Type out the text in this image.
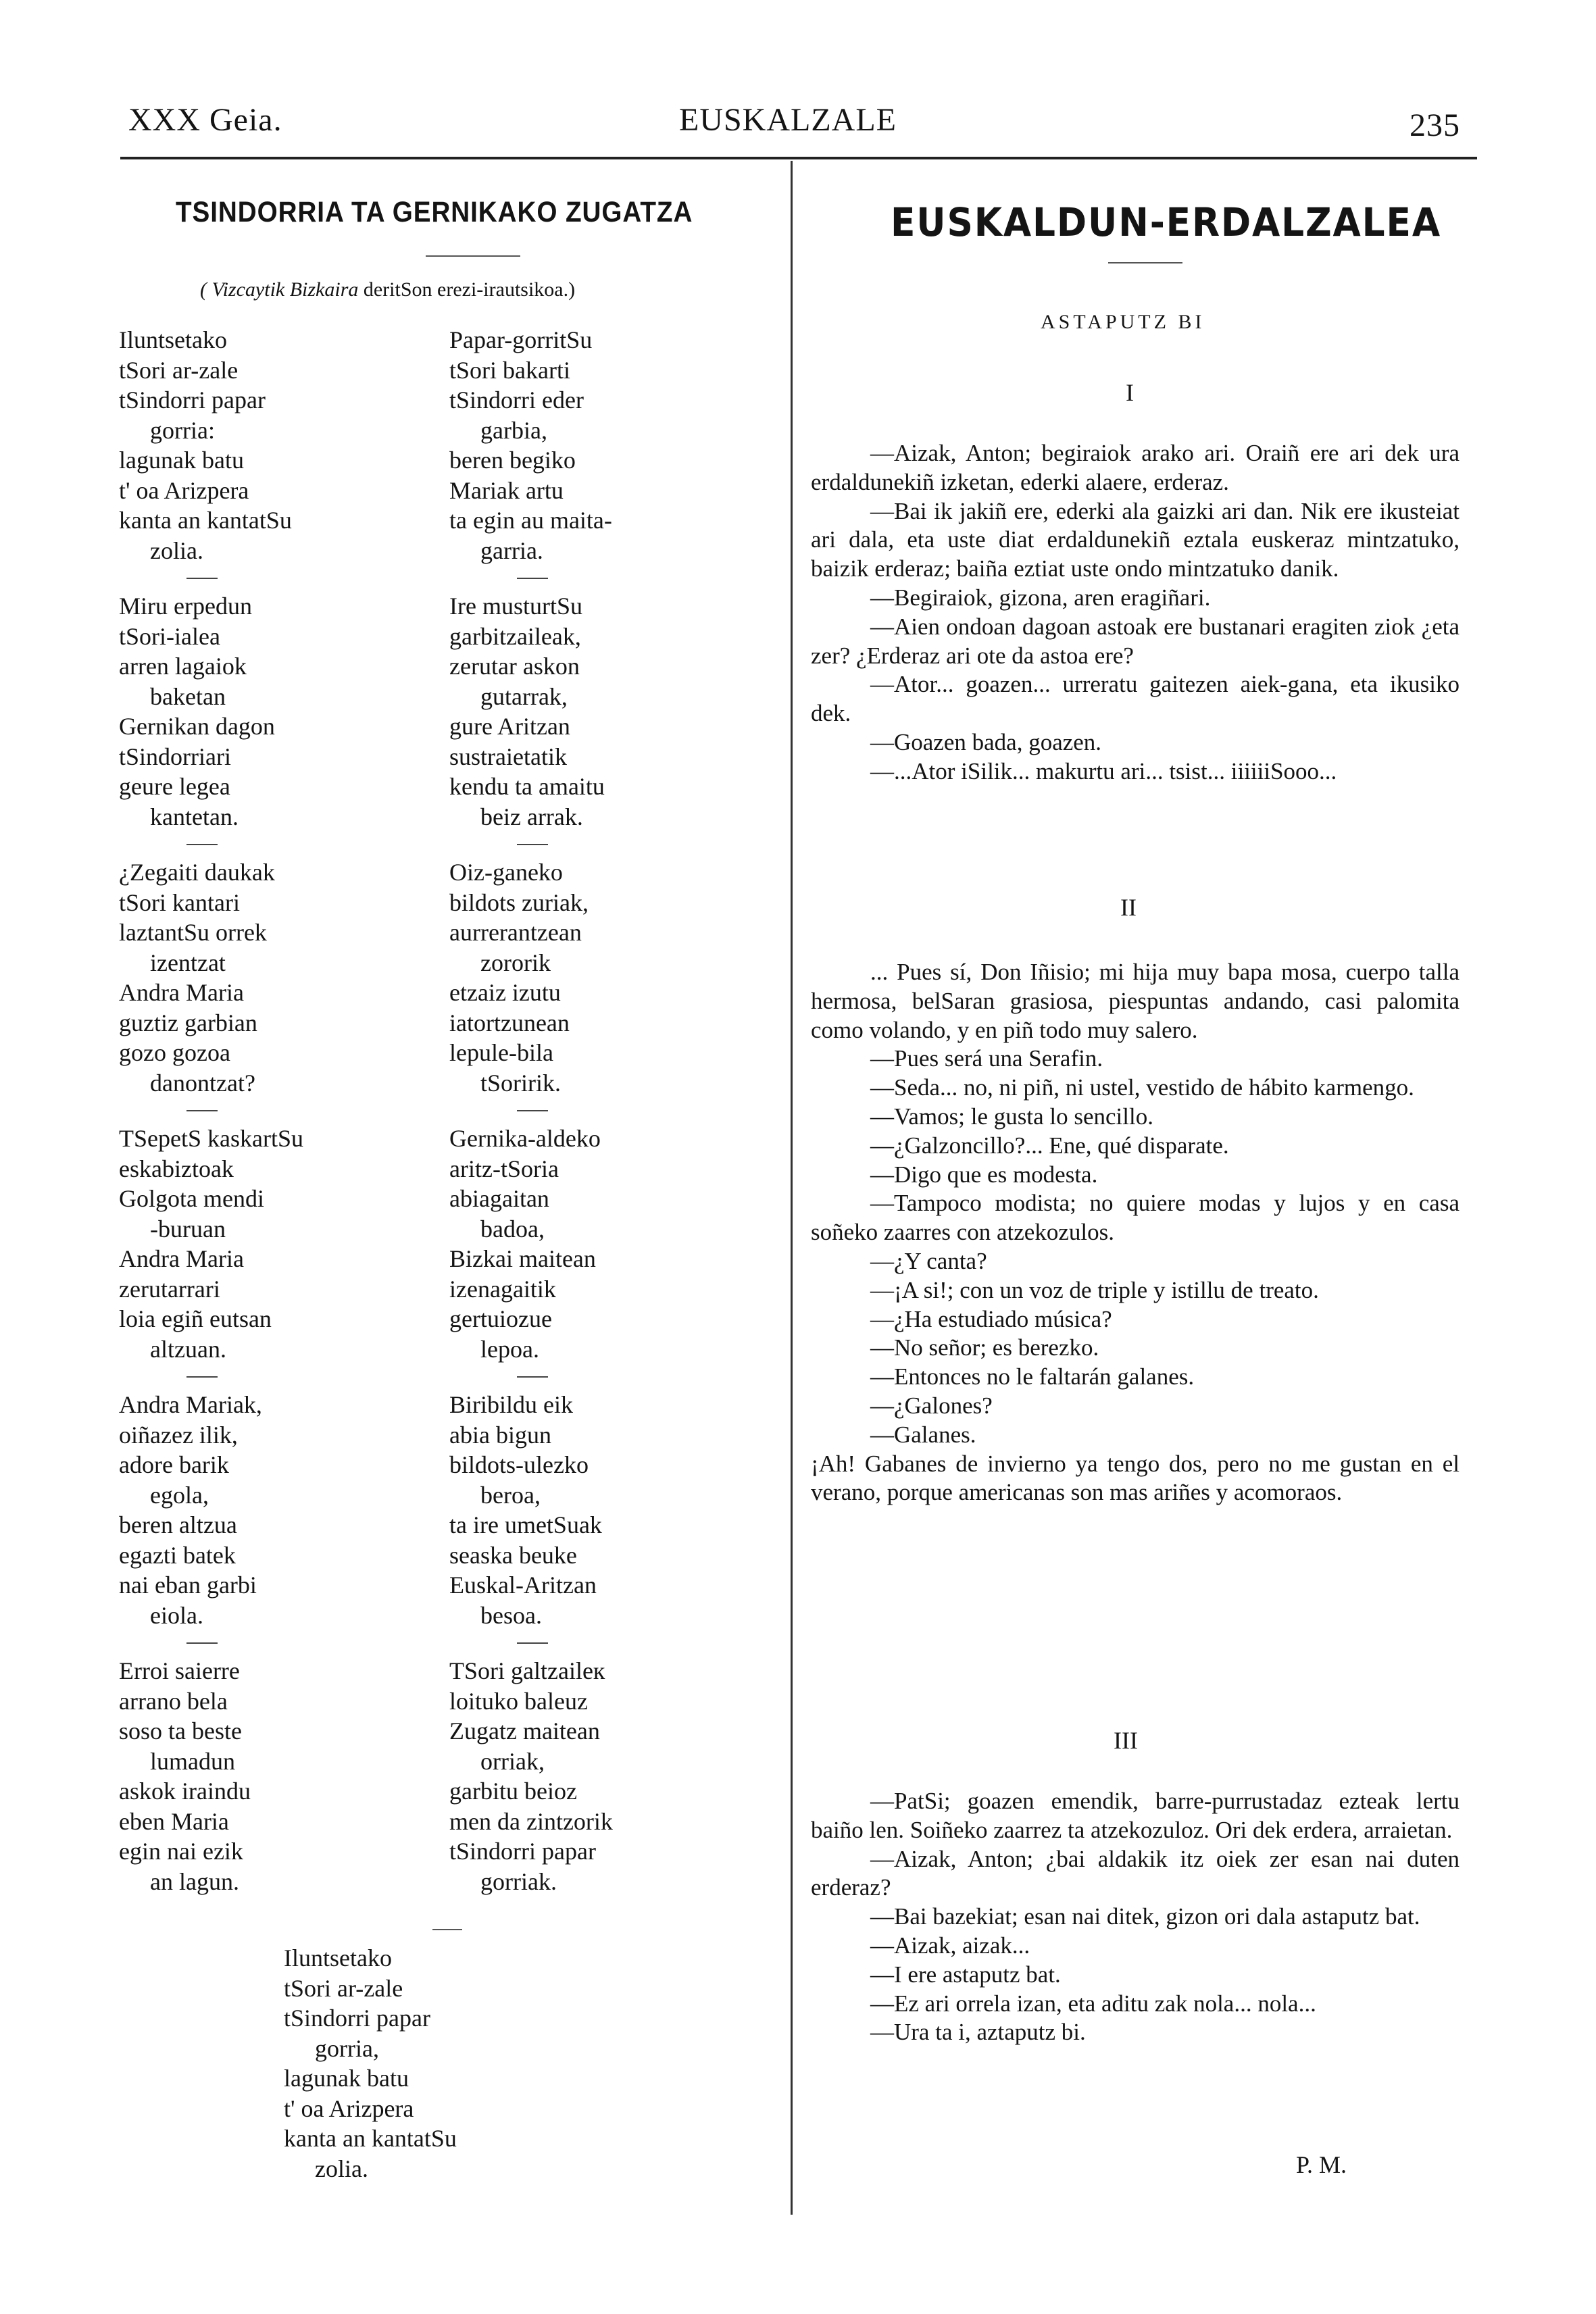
XXX Geia.	EUSKALZALE	235
TSINDORRIA TA GERNIKAKO ZUGATZA
( Vizcaytik Bizkaira deritSon erezi-irautsikoa.)
Iluntsetako
tSori ar-zale
tSindorri papar
gorria:
lagunak batu
t' oa Arizpera
kanta an kantatSu
zolia.
Miru erpedun
tSori-ialea
arren lagaiok
baketan
Gernikan dagon
tSindorriari
geure legea
kantetan.
¿Zegaiti daukak
tSori kantari
laztantSu orrek
izentzat
Andra Maria
guztiz garbian
gozo gozoa
danontzat?
TSepetS kaskartSu
eskabiztoak
Golgota mendi
-buruan
Andra Maria
zerutarrari
loia egiñ eutsan
altzuan.
Andra Mariak,
oiñazez ilik,
adore barik
egola,
beren altzua
egazti batek
nai eban garbi
eiola.
Erroi saierre
arrano bela
soso ta beste
lumadun
askok iraindu
eben Maria
egin nai ezik
an lagun.
Papar-gorritSu
tSori bakarti
tSindorri eder
garbia,
beren begiko
Mariak artu
ta egin au maita-
garria.
Ire musturtSu
garbitzaileak,
zerutar askon
gutarrak,
gure Aritzan
sustraietatik
kendu ta amaitu
beiz arrak.
Oiz-ganeko
bildots zuriak,
aurrerantzean
zororik
etzaiz izutu
iatortzunean
lepule-bila
tSoririk.
Gernika-aldeko
aritz-tSoria
abiagaitan
badoa,
Bizkai maitean
izenagaitik
gertuiozue
lepoa.
Biribildu eik
abia bigun
bildots-ulezko
beroa,
ta ire umetSuak
seaska beuke
Euskal-Aritzan
besoa.
TSori galtzaileк
loituko baleuz
Zugatz maitean
orriak,
garbitu beioz
men da zintzorik
tSindorri papar
gorriak.
Iluntsetako
tSori ar-zale
tSindorri papar
gorria,
lagunak batu
t' oa Arizpera
kanta an kantatSu
zolia.
EUSKALDUN-ERDALZALEA
ASTAPUTZ BI
I

—Aizak, Anton; begiraiok arako ari. Oraiñ ere ari dek ura erdaldunekiñ izketan, ederki alaere, erderaz.

—Bai ik jakiñ ere, ederki ala gaizki ari dan. Nik ere ikusteiat ari dala, eta uste diat erdaldunekiñ eztala euskeraz mintzatuko, baizik erderaz; baiña eztiat uste ondo mintzatuko danik.

—Begiraiok, gizona, aren eragiñari.

—Aien ondoan dagoan astoak ere bustanari eragiten ziok ¿eta zer? ¿Erderaz ari ote da astoa ere?

—Ator... goazen... urreratu gaitezen aiek-gana, eta ikusiko dek.

—Goazen bada, goazen.

—...Ator iSilik... makurtu ari... tsist... iiiiiiSooo...

II

... Pues sí, Don Iñisio; mi hija muy bapa mosa, cuerpo talla hermosa, belSaran grasiosa, piespuntas andando, casi palomita como volando, y en piñ todo muy salero.

—Pues será una Serafin.

—Seda... no, ni piñ, ni ustel, vestido de hábito karmengo.

—Vamos; le gusta lo sencillo.

—¿Galzoncillo?... Ene, qué disparate.

—Digo que es modesta.

—Tampoco modista; no quiere modas y lujos y en casa soñeko zaarres con atzekozulos.

—¿Y canta?

—¡A si!; con un voz de triple y istillu de treato.

—¿Ha estudiado música?

—No señor; es berezko.

—Entonces no le faltarán galanes.

—¿Galones?

—Galanes.

¡Ah! Gabanes de invierno ya tengo dos, pero no me gustan en el verano, porque americanas son mas ariñes y acomoraos.

III

—PatSi; goazen emendik, barre-purrustadaz ezteak lertu baiño len. Soiñeko zaarrez ta atzekozuloz. Ori dek erdera, arraietan.

—Aizak, Anton; ¿bai aldakik itz oiek zer esan nai duten erderaz?

—Bai bazekiat; esan nai ditek, gizon ori dala astaputz bat.

—Aizak, aizak...

—I ere astaputz bat.

—Ez ari orrela izan, eta aditu zak nola... nola...

—Ura ta i, aztaputz bi.

P. M.
